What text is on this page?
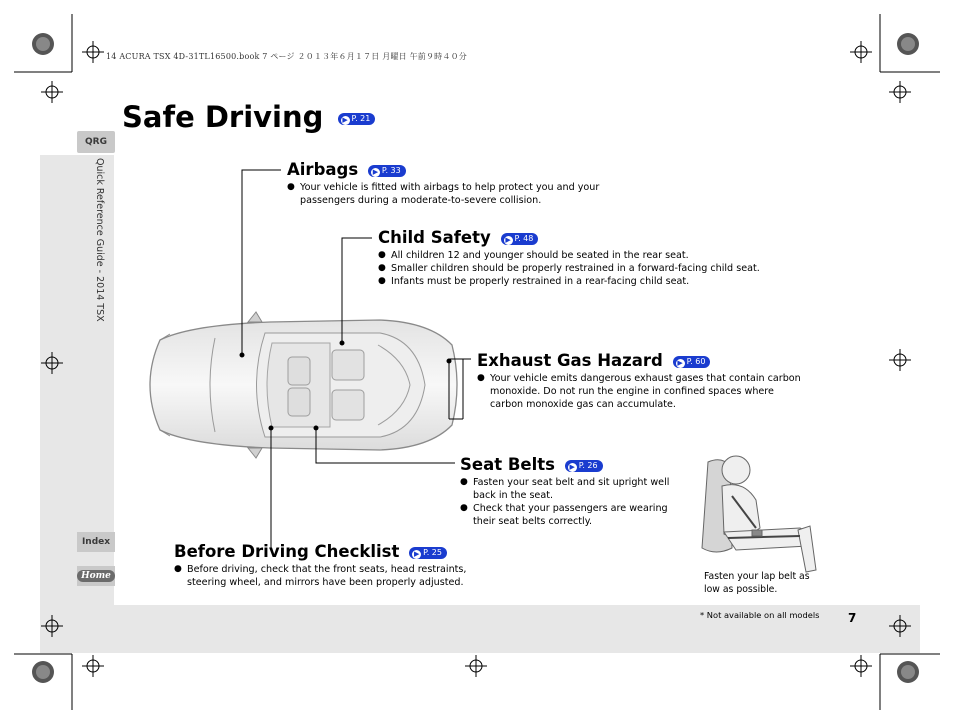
14 ACURA TSX 4D-31TL16500.book 7 ページ ２０１３年６月１７日 月曜日 午前９時４０分
QRG
Quick Reference Guide - 2014 TSX
Index
Home
Safe Driving	▶ P. 21
Airbags ▶ P. 33
● Your vehicle is fitted with airbags to help protect you and your passengers during a moderate-to-severe collision.
Child Safety ▶ P. 48
● All children 12 and younger should be seated in the rear seat.
● Smaller children should be properly restrained in a forward-facing child seat.
● Infants must be properly restrained in a rear-facing child seat.
Exhaust Gas Hazard ▶ P. 60
● Your vehicle emits dangerous exhaust gases that contain carbon monoxide. Do not run the engine in confined spaces where carbon monoxide gas can accumulate.
Seat Belts ▶ P. 26
● Fasten your seat belt and sit upright well back in the seat.
● Check that your passengers are wearing their seat belts correctly.
Before Driving Checklist ▶ P. 25
● Before driving, check that the front seats, head restraints, steering wheel, and mirrors have been properly adjusted.
Fasten your lap belt as low as possible.
* Not available on all models 7
